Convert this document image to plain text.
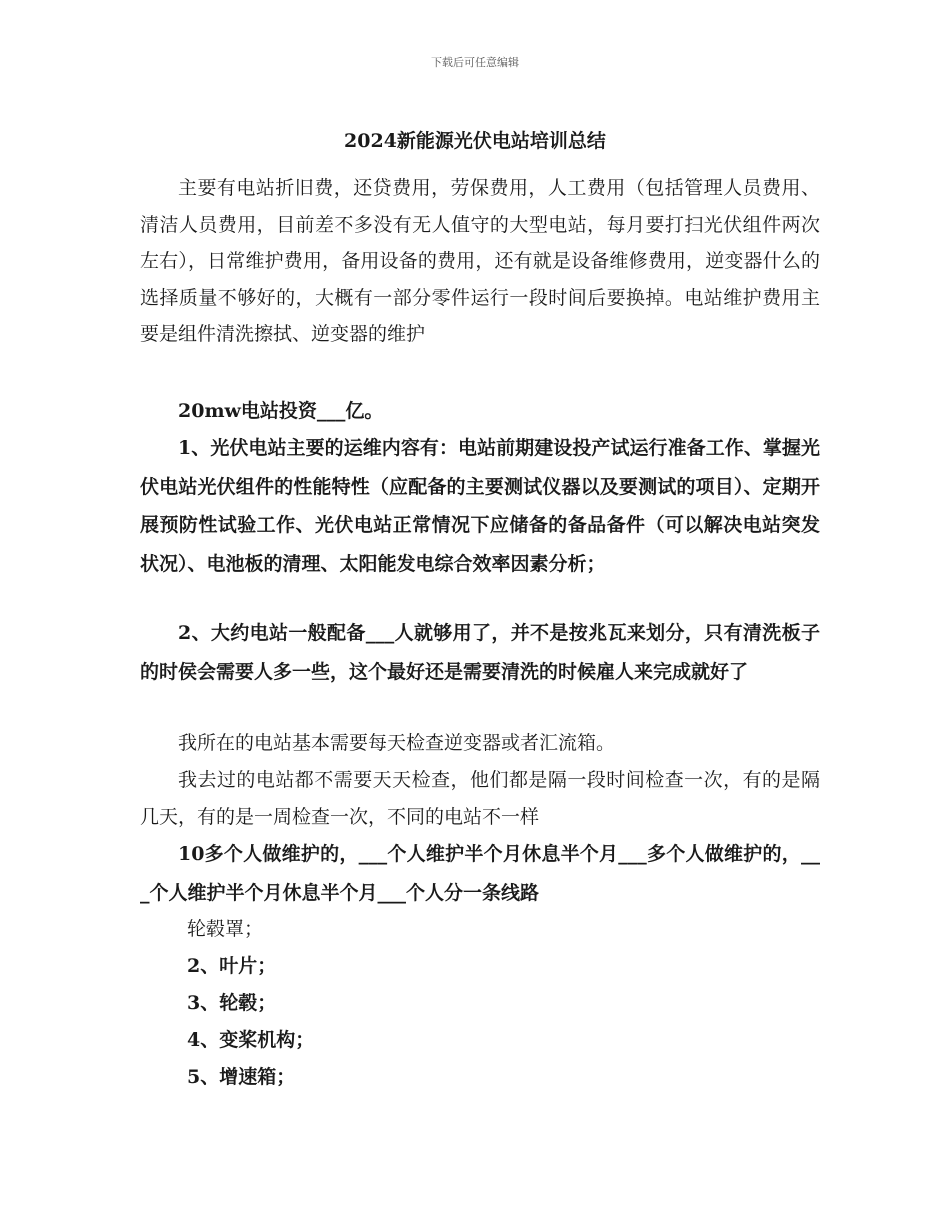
下载后可任意编辑
2024新能源光伏电站培训总结
主要有电站折旧费，还贷费用，劳保费用，人工费用（包括管理人员费用、清洁人员费用，目前差不多没有无人值守的大型电站，每月要打扫光伏组件两次左右），日常维护费用，备用设备的费用，还有就是设备维修费用，逆变器什么的选择质量不够好的，大概有一部分零件运行一段时间后要换掉。电站维护费用主要是组件清洗擦拭、逆变器的维护
20mw电站投资___亿。
1、光伏电站主要的运维内容有：电站前期建设投产试运行准备工作、掌握光伏电站光伏组件的性能特性（应配备的主要测试仪器以及要测试的项目）、定期开展预防性试验工作、光伏电站正常情况下应储备的备品备件（可以解决电站突发状况）、电池板的清理、太阳能发电综合效率因素分析；
2、大约电站一般配备___人就够用了，并不是按兆瓦来划分，只有清洗板子的时侯会需要人多一些，这个最好还是需要清洗的时候雇人来完成就好了
我所在的电站基本需要每天检查逆变器或者汇流箱。
我去过的电站都不需要天天检查，他们都是隔一段时间检查一次，有的是隔几天，有的是一周检查一次，不同的电站不一样
10多个人做维护的，___个人维护半个月休息半个月___多个人做维护的，___个人维护半个月休息半个月___个人分一条线路
轮毂罩；
2、叶片；
3、轮毂；
4、变桨机构；
5、增速箱；
